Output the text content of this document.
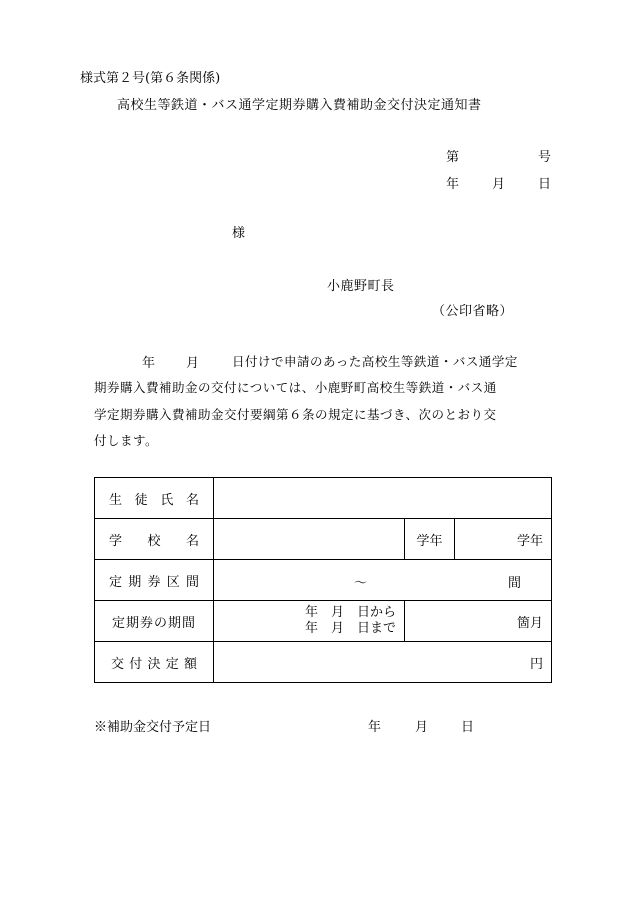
様式第２号(第６条関係)
高校生等鉄道・バス通学定期券購入費補助金交付決定通知書
第	号
年	月	日
様
小鹿野町長
（公印省略）
年 月	日付けで申請のあった高校生等鉄道・バス通学定
期券購入費補助金の交付については、小鹿野町高校生等鉄道・バス通
学定期券購入費補助金交付要綱第６条の規定に基づき、次のとおり交
付します。
生徒氏名			
学校名		学年	学年
定期券区間	～ 間		

定期券の期間	年　月　日から
年　月　日まで	箇月	
交付決定額	円		
※補助金交付予定日	年	月	日
